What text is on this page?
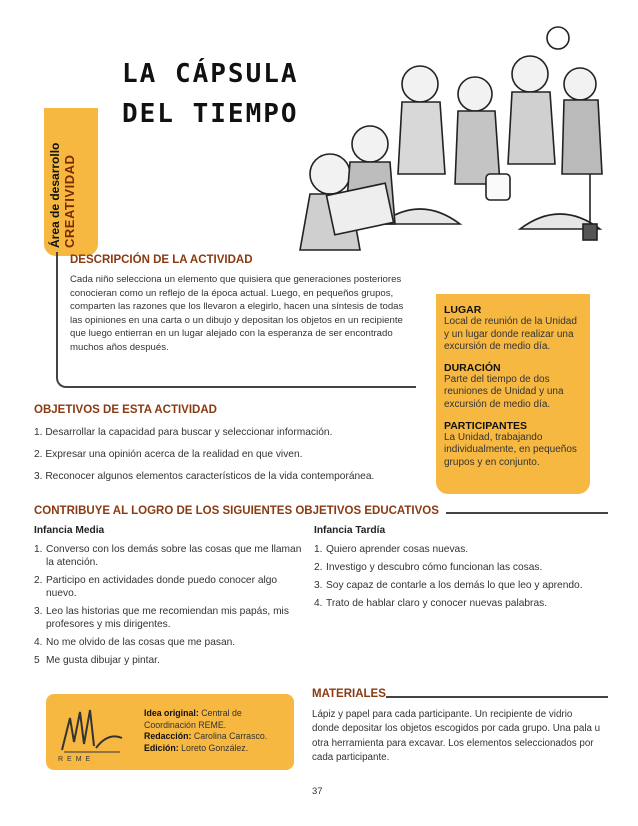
Área de desarrollo CREATIVIDAD
LA CÁPSULA
DEL TIEMPO
DESCRIPCIÓN DE LA ACTIVIDAD
Cada niño selecciona un elemento que quisiera que generaciones posteriores conocieran como un reflejo de la época actual. Luego, en pequeños grupos, comparten las razones que los llevaron a elegirlo, hacen una síntesis de todas las opiniones en una carta o un dibujo y depositan los objetos en un recipiente que luego entierran en un lugar alejado con la esperanza de ser encontrado muchos años después.
LUGAR

Local de reunión de la Unidad y un lugar donde realizar una excursión de medio día.

DURACIÓN

Parte del tiempo de dos reuniones de Unidad y una excursión de medio día.

PARTICIPANTES

La Unidad, trabajando individualmente, en pequeños grupos y en conjunto.

OBJETIVOS DE ESTA ACTIVIDAD
1. Desarrollar la capacidad para buscar y seleccionar información.
2. Expresar una opinión acerca de la realidad en que viven.
3. Reconocer algunos elementos característicos de la vida contemporánea.
CONTRIBUYE AL LOGRO DE LOS SIGUIENTES OBJETIVOS EDUCATIVOS
Infancia Media
1. Converso con los demás sobre las cosas que me llaman la atención.
2. Participo en actividades donde puedo conocer algo nuevo.
3. Leo las historias que me recomiendan mis papás, mis profesores y mis dirigentes.
4. No me olvido de las cosas que me pasan.
5 Me gusta dibujar y pintar.
Infancia Tardía
1. Quiero aprender cosas nuevas.
2. Investigo y descubro cómo funcionan las cosas.
3. Soy capaz de contarle a los demás lo que leo y aprendo.
4. Trato de hablar claro y conocer nuevas palabras.
REME
Idea original: Central de Coordinación REME.
Redacción: Carolina Carrasco.
Edición: Loreto González.
MATERIALES
Lápiz y papel para cada participante. Un recipiente de vidrio donde depositar los objetos escogidos por cada grupo. Una pala u otra herramienta para excavar. Los elementos seleccionados por cada participante.
37
